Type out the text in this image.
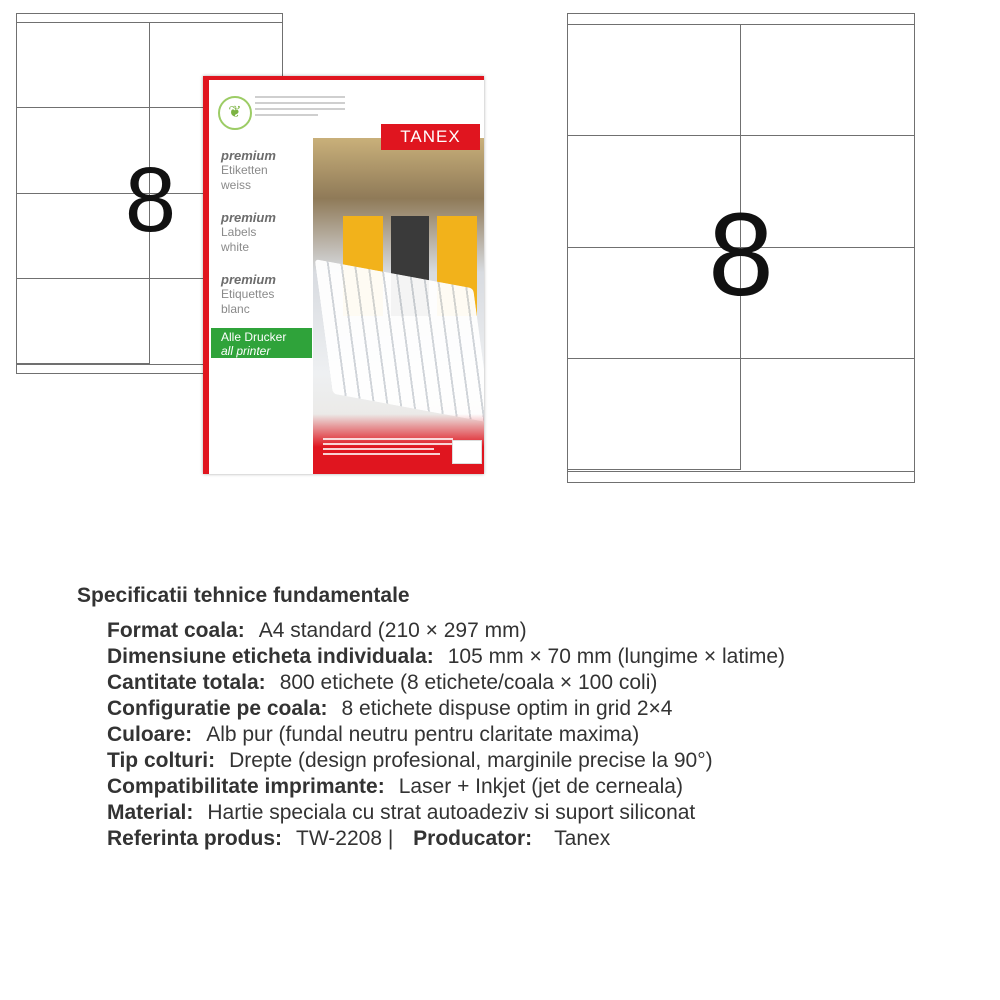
8
TANEX
❦
premium
Etiketten
weiss
premium
Labels
white
premium
Etiquettes
blanc
Alle Drucker
all printer
8
Specificatii tehnice fundamentale
Format coala: A4 standard (210 × 297 mm)
Dimensiune eticheta individuala: 105 mm × 70 mm (lungime × latime)
Cantitate totala: 800 etichete (8 etichete/coala × 100 coli)
Configuratie pe coala: 8 etichete dispuse optim in grid 2×4
Culoare: Alb pur (fundal neutru pentru claritate maxima)
Tip colturi: Drepte (design profesional, marginile precise la 90°)
Compatibilitate imprimante: Laser + Inkjet (jet de cerneala)
Material: Hartie speciala cu strat autoadeziv si suport siliconat
Referinta produs: TW-2208 | Producator: Tanex
